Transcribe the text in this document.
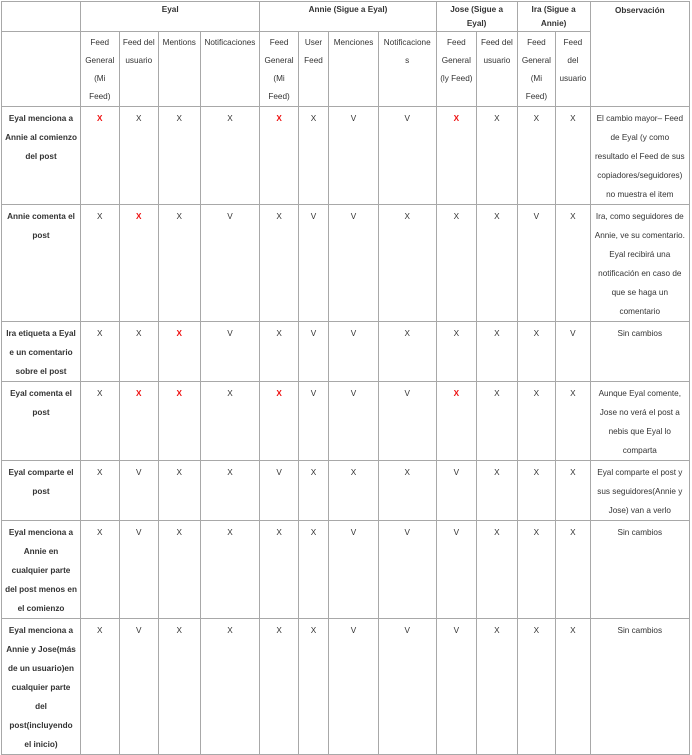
	Eyal				Annie (Sigue a Eyal)				Jose (Sigue a Eyal)		Ira (Sigue a Annie)		Observación
	Feed General (Mi Feed)	Feed del usuario	Mentions	Notificaciones	Feed General (Mi Feed)	User Feed	Menciones	Notificaciones	Feed General (ly Feed)	Feed del usuario	Feed General (Mi Feed)	Feed del usuario	
Eyal menciona a Annie al comienzo del post	X	X	X	X	X	X	V	V	X	X	X	X	El cambio mayor– Feed de Eyal (y como resultado el Feed de sus copiadores/seguidores) no muestra el item
Annie comenta el post	X	X	X	V	X	V	V	X	X	X	V	X	Ira, como seguidores de Annie, ve su comentario. Eyal recibirá una notificación en caso de que se haga un comentario
Ira etiqueta a Eyal e un comentario sobre el post	X	X	X	V	X	V	V	X	X	X	X	V	Sin cambios
Eyal comenta el post	X	X	X	X	X	V	V	V	X	X	X	X	Aunque Eyal comente, Jose no verá el post a nebis que Eyal lo comparta
Eyal comparte el post	X	V	X	X	V	X	X	X	V	X	X	X	Eyal comparte el post y sus seguidores(Annie y Jose) van a verlo
Eyal menciona a Annie en cualquier parte del post menos en el comienzo	X	V	X	X	X	X	V	V	V	X	X	X	Sin cambios
Eyal menciona a Annie y Jose(más de un usuario)en cualquier parte del post(incluyendo el inicio)	X	V	X	X	X	X	V	V	V	X	X	X	Sin cambios
